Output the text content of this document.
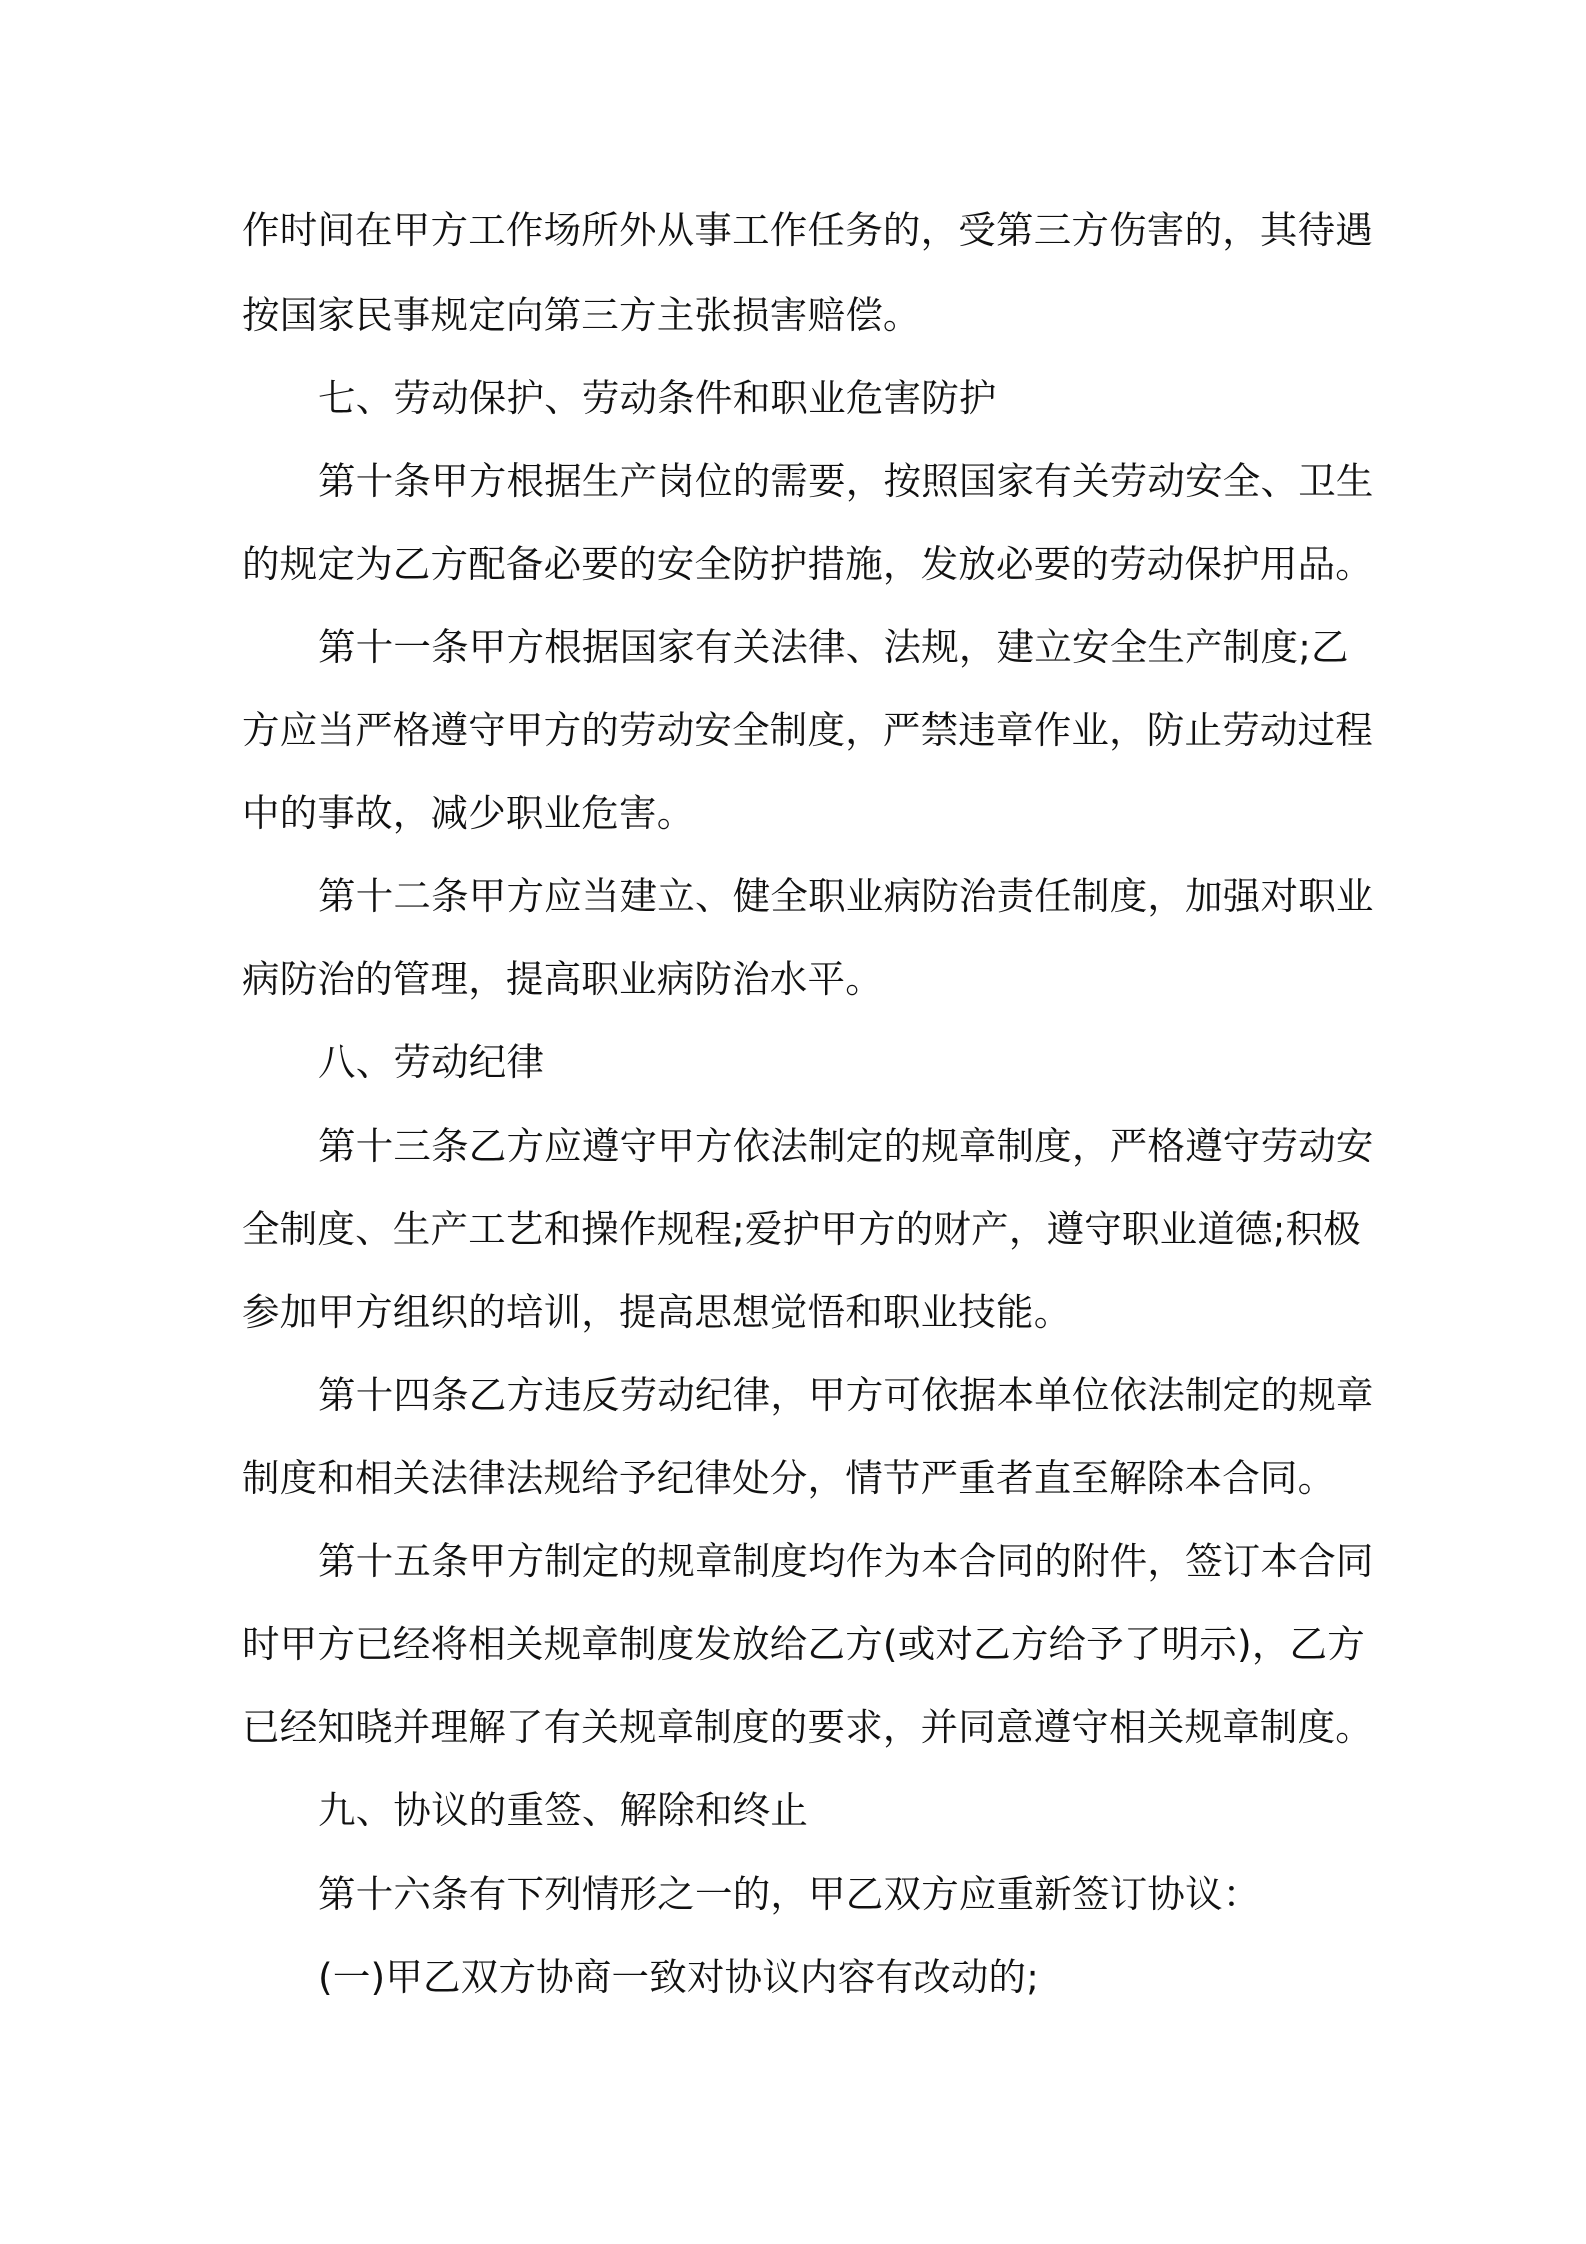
作时间在甲方工作场所外从事工作任务的，受第三方伤害的，其待遇
按国家民事规定向第三方主张损害赔偿。
七、劳动保护、劳动条件和职业危害防护
第十条甲方根据生产岗位的需要，按照国家有关劳动安全、卫生
的规定为乙方配备必要的安全防护措施，发放必要的劳动保护用品。
第十一条甲方根据国家有关法律、法规，建立安全生产制度;乙
方应当严格遵守甲方的劳动安全制度，严禁违章作业，防止劳动过程
中的事故，减少职业危害。
第十二条甲方应当建立、健全职业病防治责任制度，加强对职业
病防治的管理，提高职业病防治水平。
八、劳动纪律
第十三条乙方应遵守甲方依法制定的规章制度，严格遵守劳动安
全制度、生产工艺和操作规程;爱护甲方的财产，遵守职业道德;积极
参加甲方组织的培训，提高思想觉悟和职业技能。
第十四条乙方违反劳动纪律，甲方可依据本单位依法制定的规章
制度和相关法律法规给予纪律处分，情节严重者直至解除本合同。
第十五条甲方制定的规章制度均作为本合同的附件，签订本合同
时甲方已经将相关规章制度发放给乙方(或对乙方给予了明示)，乙方
已经知晓并理解了有关规章制度的要求，并同意遵守相关规章制度。
九、协议的重签、解除和终止
第十六条有下列情形之一的，甲乙双方应重新签订协议：
(一)甲乙双方协商一致对协议内容有改动的;
